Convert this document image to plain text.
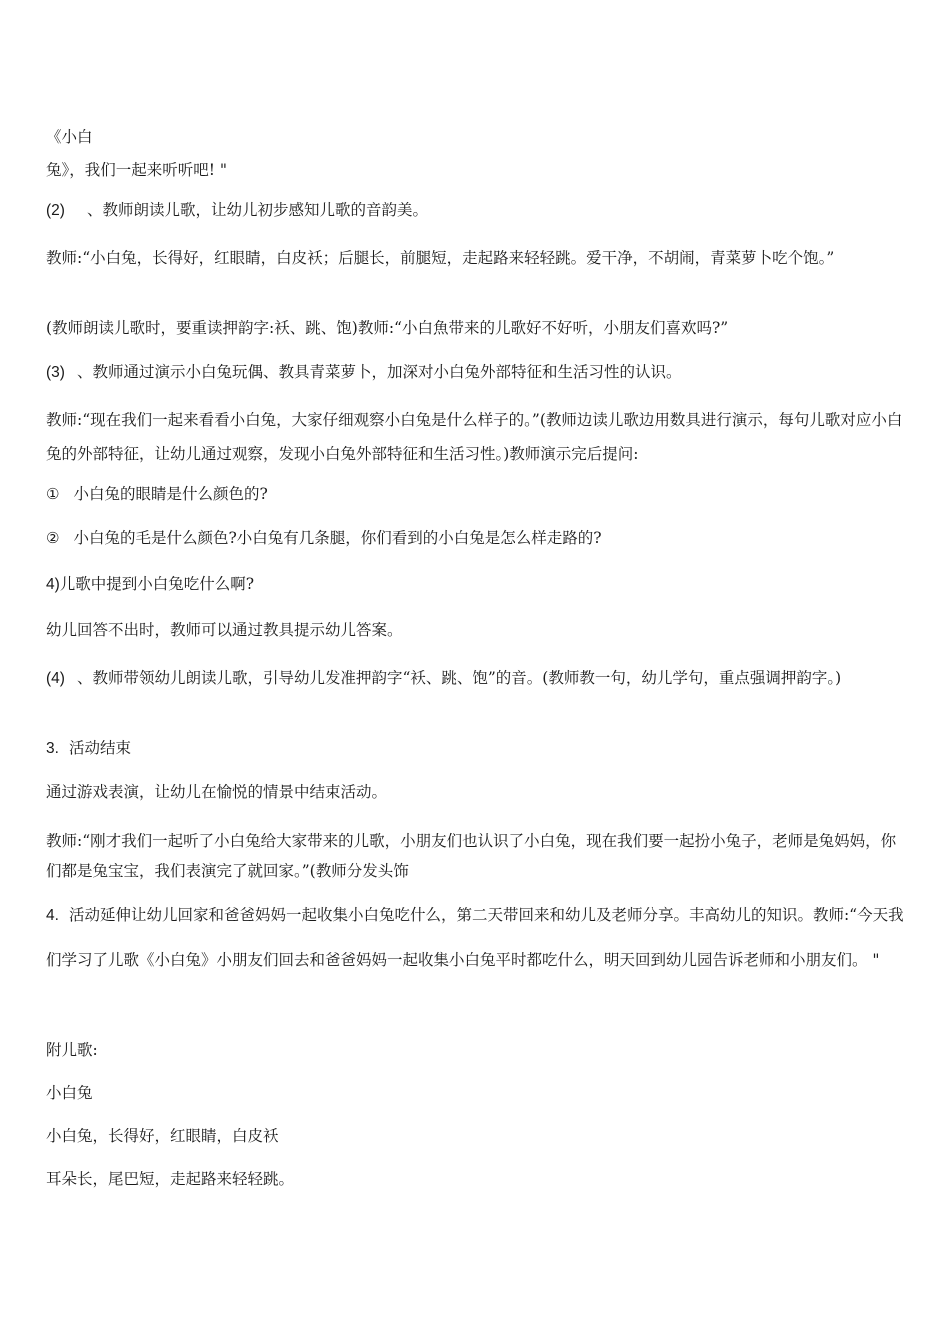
《小白
兔》，我们一起来听听吧! "
(2) 、教师朗读儿歌，让幼儿初步感知儿歌的音韵美。
教师:“小白兔，长得好，红眼睛，白皮袄；后腿长，前腿短，走起路来轻轻跳。爱干净，不胡闹，青菜萝卜吃个饱。”
(教师朗读儿歌时，要重读押韵字:袄、跳、饱)教师:“小白魚带来的儿歌好不好听，小朋友们喜欢吗?”
(3) 、教师通过演示小白兔玩偶、教具青菜萝卜，加深对小白兔外部特征和生活习性的认识。
教师:“现在我们一起来看看小白兔，大家仔细观察小白兔是什么样子的。”(教师边读儿歌边用数具进行演示，每句儿歌对应小白兔的外部特征，让幼儿通过观察，发现小白兔外部特征和生活习性。)教师演示完后提问:
① 小白兔的眼睛是什么颜色的?
② 小白兔的毛是什么颜色?小白兔有几条腿，你们看到的小白兔是怎么样走路的?
4)儿歌中提到小白兔吃什么啊?
幼儿回答不出时，教师可以通过教具提示幼儿答案。
(4) 、教师带领幼儿朗读儿歌，引导幼儿发准押韵字“袄、跳、饱”的音。(教师教一句，幼儿学句，重点强调押韵字。)
3. 活动结束
通过游戏表演，让幼儿在愉悦的情景中结束活动。
教师:“刚才我们一起听了小白兔给大家带来的儿歌，小朋友们也认识了小白兔，现在我们要一起扮小兔子，老师是兔妈妈，你们都是兔宝宝，我们表演完了就回家。”(教师分发头饰
4. 活动延伸让幼儿回家和爸爸妈妈一起收集小白兔吃什么，第二天带回来和幼儿及老师分享。丰高幼儿的知识。教师:“今天我们学习了儿歌《小白兔》小朋友们回去和爸爸妈妈一起收集小白兔平时都吃什么，明天回到幼儿园告诉老师和小朋友们。 "
附儿歌:
小白兔
小白兔，长得好，红眼睛，白皮袄
耳朵长，尾巴短，走起路来轻轻跳。
